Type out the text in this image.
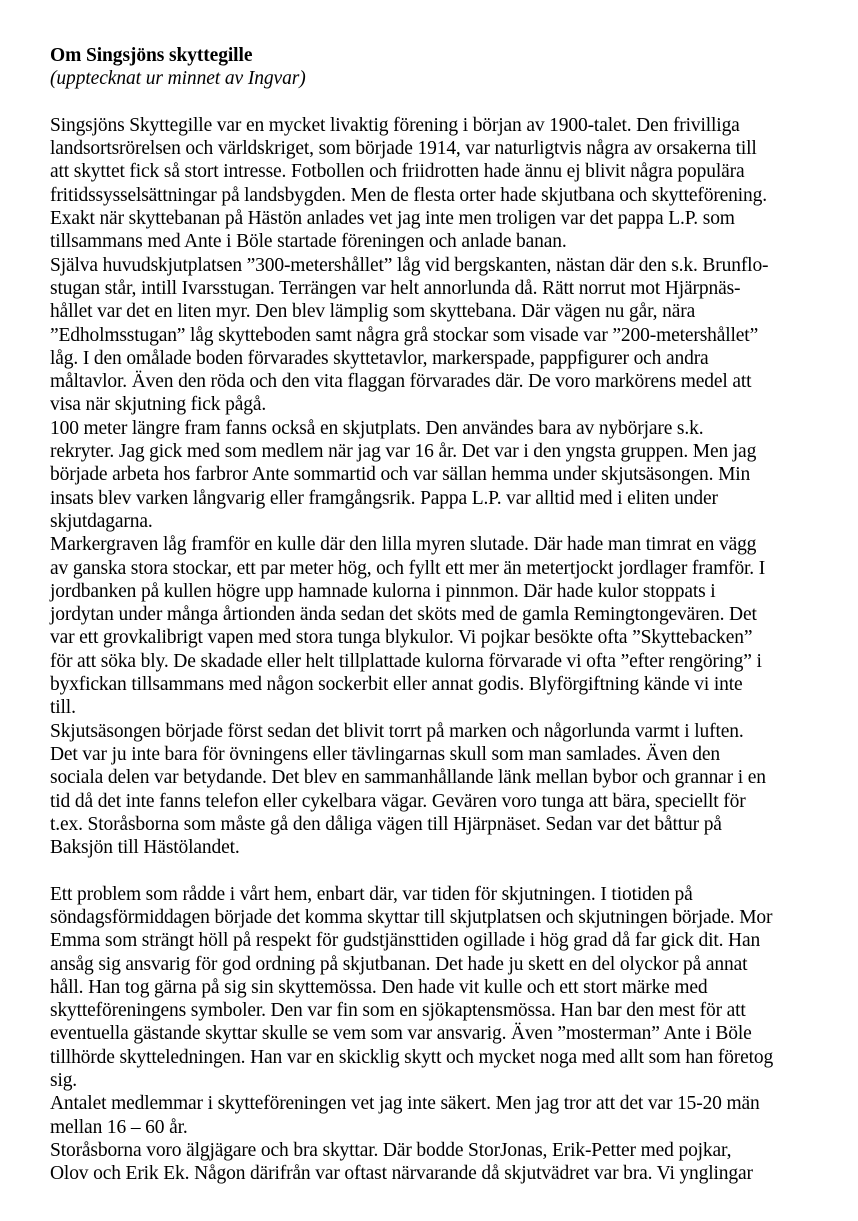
Om Singsjöns skyttegille
(upptecknat ur minnet av Ingvar)
Singsjöns Skyttegille var en mycket livaktig förening i början av 1900-talet. Den frivilliga
landsortsrörelsen och världskriget, som började 1914, var naturligtvis några av orsakerna till
att skyttet fick så stort intresse. Fotbollen och friidrotten hade ännu ej blivit några populära
fritidssysselsättningar på landsbygden. Men de flesta orter hade skjutbana och skytteförening.
Exakt när skyttebanan på Hästön anlades vet jag inte men troligen var det pappa L.P. som
tillsammans med Ante i Böle startade föreningen och anlade banan.
Själva huvudskjutplatsen ”300-metershållet” låg vid bergskanten, nästan där den s.k. Brunflo-
stugan står, intill Ivarsstugan. Terrängen var helt annorlunda då. Rätt norrut mot Hjärpnäs-
hållet var det en liten myr. Den blev lämplig som skyttebana. Där vägen nu går, nära
”Edholmsstugan” låg skytteboden samt några grå stockar som visade var ”200-metershållet”
låg. I den omålade boden förvarades skyttetavlor, markerspade, pappfigurer och andra
måltavlor. Även den röda och den vita flaggan förvarades där. De voro markörens medel att
visa när skjutning fick pågå.
100 meter längre fram fanns också en skjutplats. Den användes bara av nybörjare s.k.
rekryter. Jag gick med som medlem när jag var 16 år. Det var i den yngsta gruppen. Men jag
började arbeta hos farbror Ante sommartid och var sällan hemma under skjutsäsongen. Min
insats blev varken långvarig eller framgångsrik. Pappa L.P. var alltid med i eliten under
skjutdagarna.
Markergraven låg framför en kulle där den lilla myren slutade. Där hade man timrat en vägg
av ganska stora stockar, ett par meter hög, och fyllt ett mer än metertjockt jordlager framför. I
jordbanken på kullen högre upp hamnade kulorna i pinnmon. Där hade kulor stoppats i
jordytan under många årtionden ända sedan det sköts med de gamla Remingtongevären. Det
var ett grovkalibrigt vapen med stora tunga blykulor. Vi pojkar besökte ofta ”Skyttebacken”
för att söka bly. De skadade eller helt tillplattade kulorna förvarade vi ofta ”efter rengöring” i
byxfickan tillsammans med någon sockerbit eller annat godis. Blyförgiftning kände vi inte
till.
Skjutsäsongen började först sedan det blivit torrt på marken och någorlunda varmt i luften.
Det var ju inte bara för övningens eller tävlingarnas skull som man samlades. Även den
sociala delen var betydande. Det blev en sammanhållande länk mellan bybor och grannar i en
tid då det inte fanns telefon eller cykelbara vägar. Gevären voro tunga att bära, speciellt för
t.ex. Storåsborna som måste gå den dåliga vägen till Hjärpnäset. Sedan var det båttur på
Baksjön till Hästölandet.
Ett problem som rådde i vårt hem, enbart där, var tiden för skjutningen. I tiotiden på
söndagsförmiddagen började det komma skyttar till skjutplatsen och skjutningen började. Mor
Emma som strängt höll på respekt för gudstjänsttiden ogillade i hög grad då far gick dit. Han
ansåg sig ansvarig för god ordning på skjutbanan. Det hade ju skett en del olyckor på annat
håll. Han tog gärna på sig sin skyttemössa. Den hade vit kulle och ett stort märke med
skytteföreningens symboler. Den var fin som en sjökaptensmössa. Han bar den mest för att
eventuella gästande skyttar skulle se vem som var ansvarig. Även ”mosterman” Ante i Böle
tillhörde skytteledningen. Han var en skicklig skytt och mycket noga med allt som han företog
sig.
Antalet medlemmar i skytteföreningen vet jag inte säkert. Men jag tror att det var 15-20 män
mellan 16 – 60 år.
Storåsborna voro älgjägare och bra skyttar. Där bodde StorJonas, Erik-Petter med pojkar,
Olov och Erik Ek. Någon därifrån var oftast närvarande då skjutvädret var bra. Vi ynglingar
